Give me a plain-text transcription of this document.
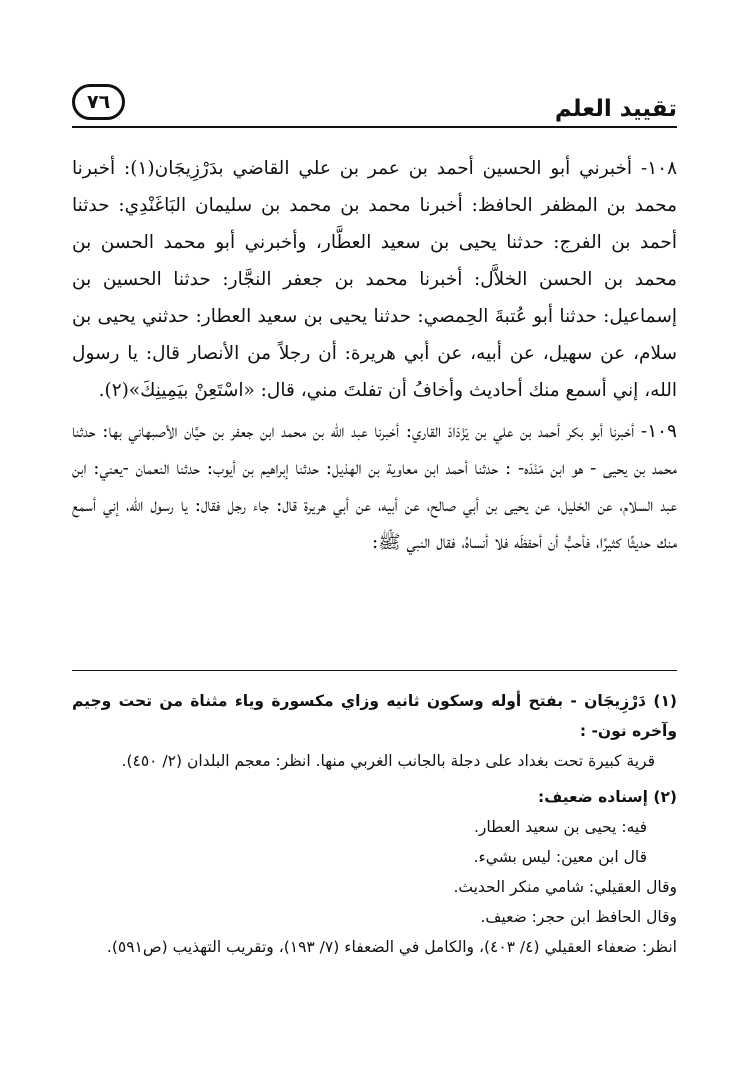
تقييد العلم
٧٦

١٠٨- أخبرني أبو الحسين أحمد بن عمر بن علي القاضي بدَرْزِيجَان(١): أخبرنا محمد بن المظفر الحافظ: أخبرنا محمد بن محمد بن سليمان البَاغَنْدِي: حدثنا أحمد بن الفرج: حدثنا يحيى بن سعيد العطَّار، وأخبرني أبو محمد الحسن بن محمد بن الحسن الخلاَّل: أخبرنا محمد بن جعفر النجَّار: حدثنا الحسين بن إسماعيل: حدثنا أبو عُتبةَ الحِمصي: حدثنا يحيى بن سعيد العطار: حدثني يحيى بن سلام، عن سهيل، عن أبيه، عن أبي هريرة: أن رجلاً من الأنصار قال: يا رسول الله، إني أسمع منك أحاديث وأخافُ أن تفلتَ مني، قال: «اسْتَعِنْ بيَمِينِكَ»(٢).

١٠٩- أخبرنا أبو بكر أحمد بن علي بن يَزْدَادَ القاري: أخبرنا عبد الله بن محمد ابن جعفر بن حيَّان الأصبهاني بها: حدثنا محمد بن يحيى - هو ابن مَنْدَه- : حدثنا أحمد ابن معاوية بن الهذيل: حدثنا إبراهيم بن أيوب: حدثنا النعمان -يعني: ابن عبد السلام، عن الخليل، عن يحيى بن أبي صالح، عن أبيه، عن أبي هريرة قال: جاء رجل فقال: يا رسول الله، إني أسمع منك حديثًا كثيرًا، فأحبُّ أن أحفظَه فلا أنساهُ، فقال النبي ﷺ:

(١) دَرْزِيجَان - بفتح أوله وسكون ثانيه وزاي مكسورة وياء مثناة من تحت وجيم وآخره نون- :

قرية كبيرة تحت بغداد على دجلة بالجانب الغربي منها. انظر: معجم البلدان (٢/ ٤٥٠).

(٢) إسناده ضعيف:

فيه: يحيى بن سعيد العطار.

قال ابن معين: ليس بشيء.

وقال العقيلي: شامي منكر الحديث.

وقال الحافظ ابن حجر: ضعيف.

انظر: ضعفاء العقيلي (٤/ ٤٠٣)، والكامل في الضعفاء (٧/ ١٩٣)، وتقريب التهذيب (ص٥٩١).
